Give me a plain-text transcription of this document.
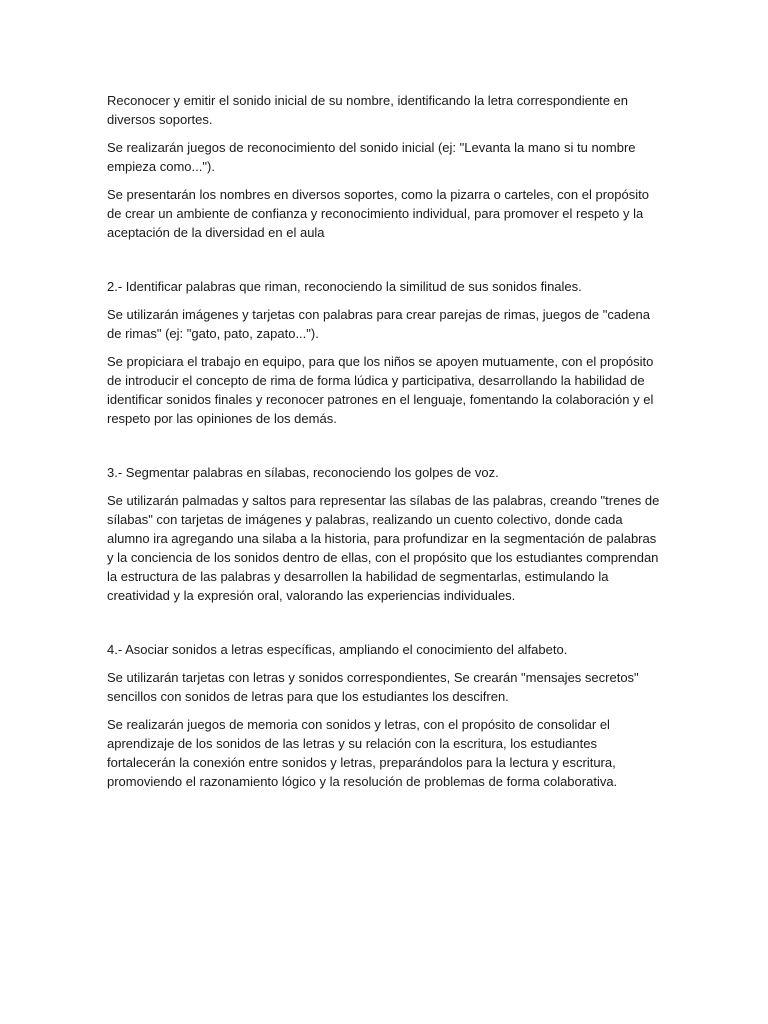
Reconocer y emitir el sonido inicial de su nombre, identificando la letra correspondiente en diversos soportes.

Se realizarán juegos de reconocimiento del sonido inicial (ej: "Levanta la mano si tu nombre empieza como...").

Se presentarán los nombres en diversos soportes, como la pizarra o carteles, con el propósito de crear un ambiente de confianza y reconocimiento individual, para promover el respeto y la aceptación de la diversidad en el aula

2.- Identificar palabras que riman, reconociendo la similitud de sus sonidos finales.

Se utilizarán imágenes y tarjetas con palabras para crear parejas de rimas, juegos de "cadena de rimas" (ej: "gato, pato, zapato...").

Se propiciara el trabajo en equipo, para que los niños se apoyen mutuamente, con el propósito de introducir el concepto de rima de forma lúdica y participativa, desarrollando la habilidad de identificar sonidos finales y reconocer patrones en el lenguaje, fomentando la colaboración y el respeto por las opiniones de los demás.

3.- Segmentar palabras en sílabas, reconociendo los golpes de voz.

Se utilizarán palmadas y saltos para representar las sílabas de las palabras, creando "trenes de sílabas" con tarjetas de imágenes y palabras, realizando un cuento colectivo, donde cada alumno ira agregando una silaba a la historia, para profundizar en la segmentación de palabras y la conciencia de los sonidos dentro de ellas, con el propósito que los estudiantes comprendan la estructura de las palabras y desarrollen la habilidad de segmentarlas, estimulando la creatividad y la expresión oral, valorando las experiencias individuales.

4.- Asociar sonidos a letras específicas, ampliando el conocimiento del alfabeto.

Se utilizarán tarjetas con letras y sonidos correspondientes, Se crearán "mensajes secretos" sencillos con sonidos de letras para que los estudiantes los descifren.

Se realizarán juegos de memoria con sonidos y letras, con el propósito de consolidar el aprendizaje de los sonidos de las letras y su relación con la escritura, los estudiantes fortalecerán la conexión entre sonidos y letras, preparándolos para la lectura y escritura, promoviendo el razonamiento lógico y la resolución de problemas de forma colaborativa.
